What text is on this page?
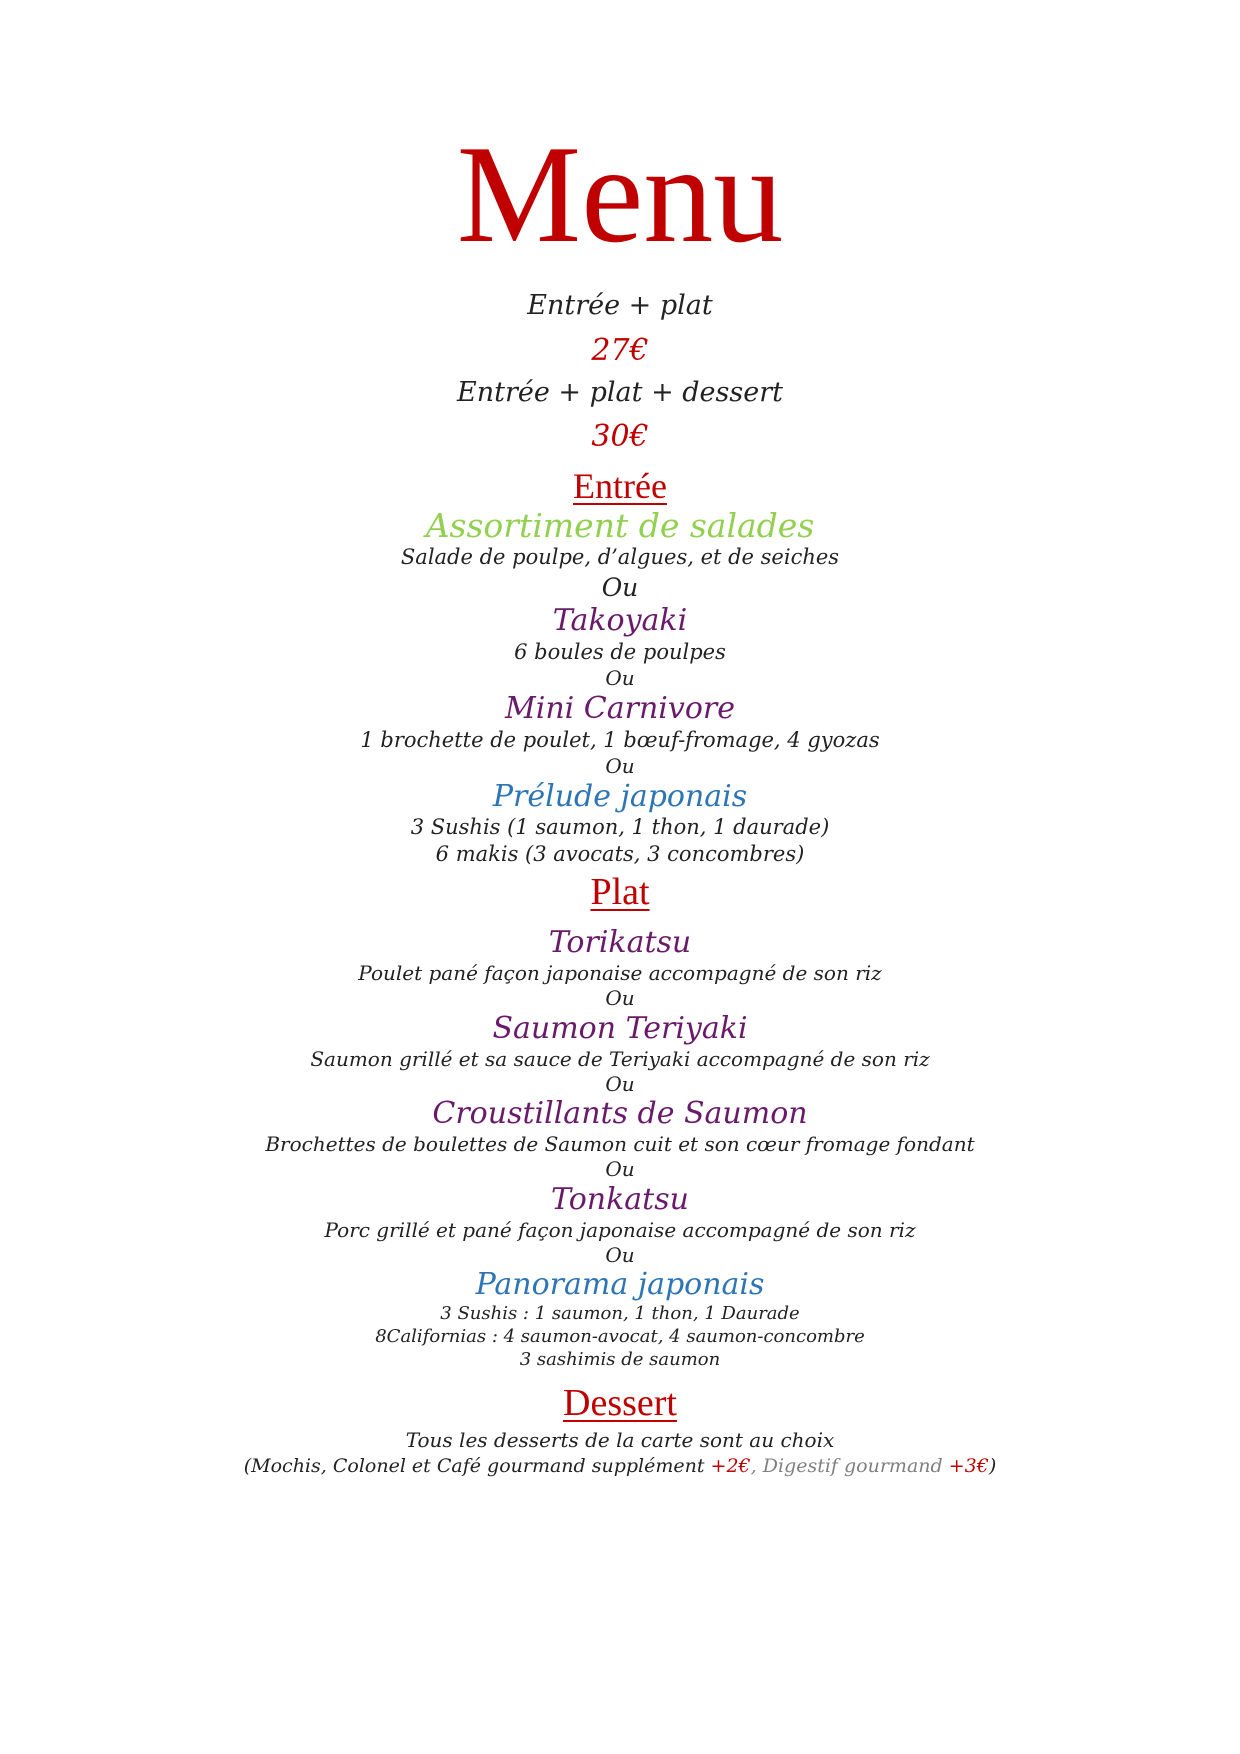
Menu
Entrée + plat
27€
Entrée + plat + dessert
30€
Entrée
Assortiment de salades
Salade de poulpe, d’algues, et de seiches
Ou
Takoyaki
6 boules de poulpes
Ou
Mini Carnivore
1 brochette de poulet, 1 bœuf-fromage, 4 gyozas
Ou
Prélude japonais
3 Sushis (1 saumon, 1 thon, 1 daurade)
6 makis (3 avocats, 3 concombres)
Plat
Torikatsu
Poulet pané façon japonaise accompagné de son riz
Ou
Saumon Teriyaki
Saumon grillé et sa sauce de Teriyaki accompagné de son riz
Ou
Croustillants de Saumon
Brochettes de boulettes de Saumon cuit et son cœur fromage fondant
Ou
Tonkatsu
Porc grillé et pané façon japonaise accompagné de son riz
Ou
Panorama japonais
3 Sushis : 1 saumon, 1 thon, 1 Daurade
8Californias : 4 saumon-avocat, 4 saumon-concombre
3 sashimis de saumon
Dessert
Tous les desserts de la carte sont au choix
(Mochis, Colonel et Café gourmand supplément +2€, Digestif gourmand +3€)
